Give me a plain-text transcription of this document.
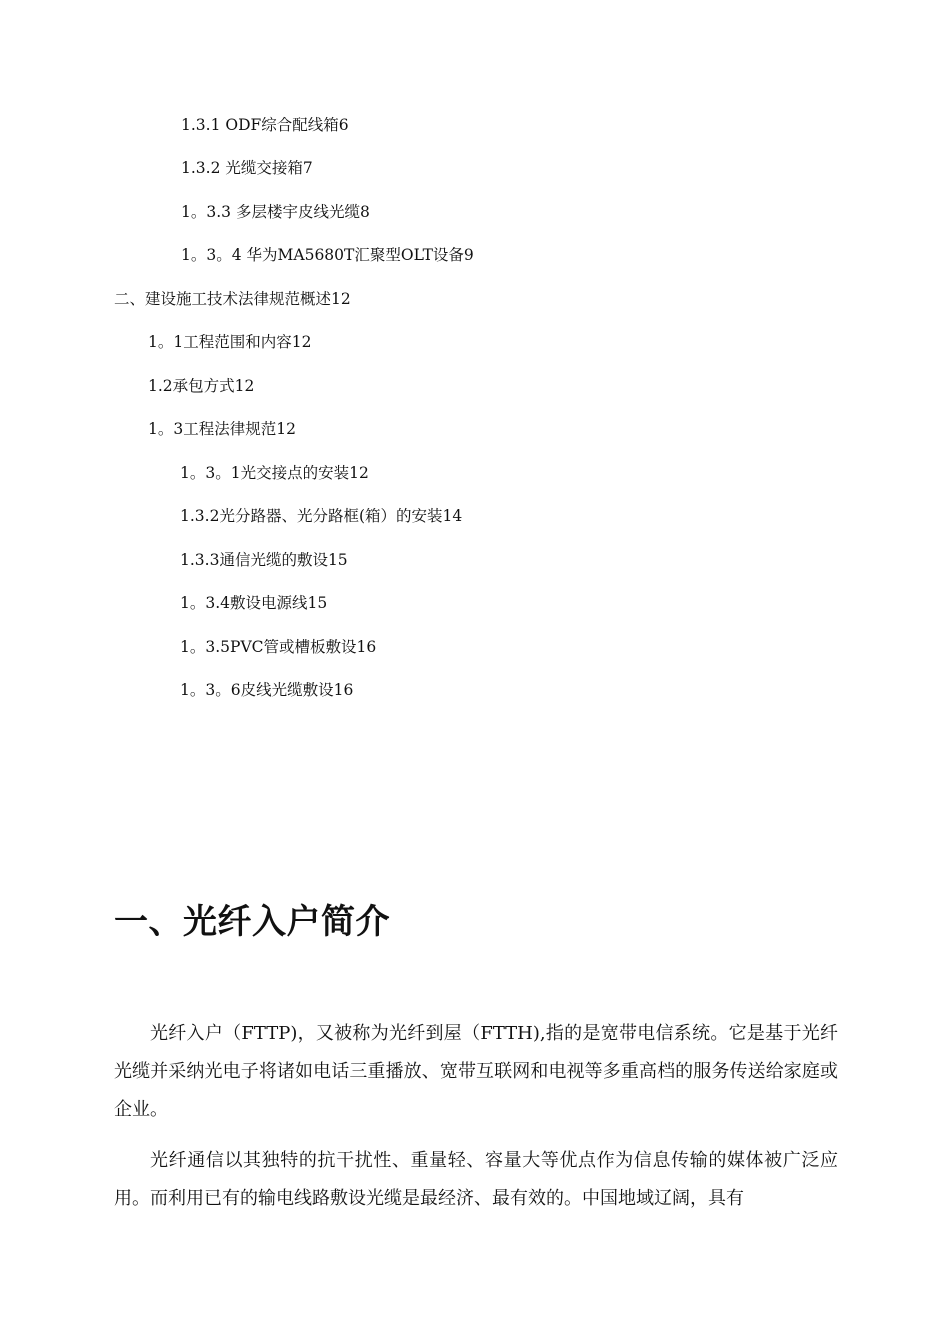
1.3.1 ODF综合配线箱6
1.3.2 光缆交接箱7
1。3.3 多层楼宇皮线光缆8
1。3。4 华为MA5680T汇聚型OLT设备9
二、建设施工技术法律规范概述12
1。1工程范围和内容12
1.2承包方式12
1。3工程法律规范12
1。3。1光交接点的安装12
1.3.2光分路器、光分路框(箱）的安装14
1.3.3通信光缆的敷设15
1。3.4敷设电源线15
1。3.5PVC管或槽板敷设16
1。3。6皮线光缆敷设16
一、光纤入户简介

光纤入户（FTTP)，又被称为光纤到屋（FTTH),指的是宽带电信系统。它是基于光纤光缆并采纳光电子将诸如电话三重播放、宽带互联网和电视等多重高档的服务传送给家庭或企业。

光纤通信以其独特的抗干扰性、重量轻、容量大等优点作为信息传输的媒体被广泛应用。而利用已有的输电线路敷设光缆是最经济、最有效的。中国地域辽阔，具有
